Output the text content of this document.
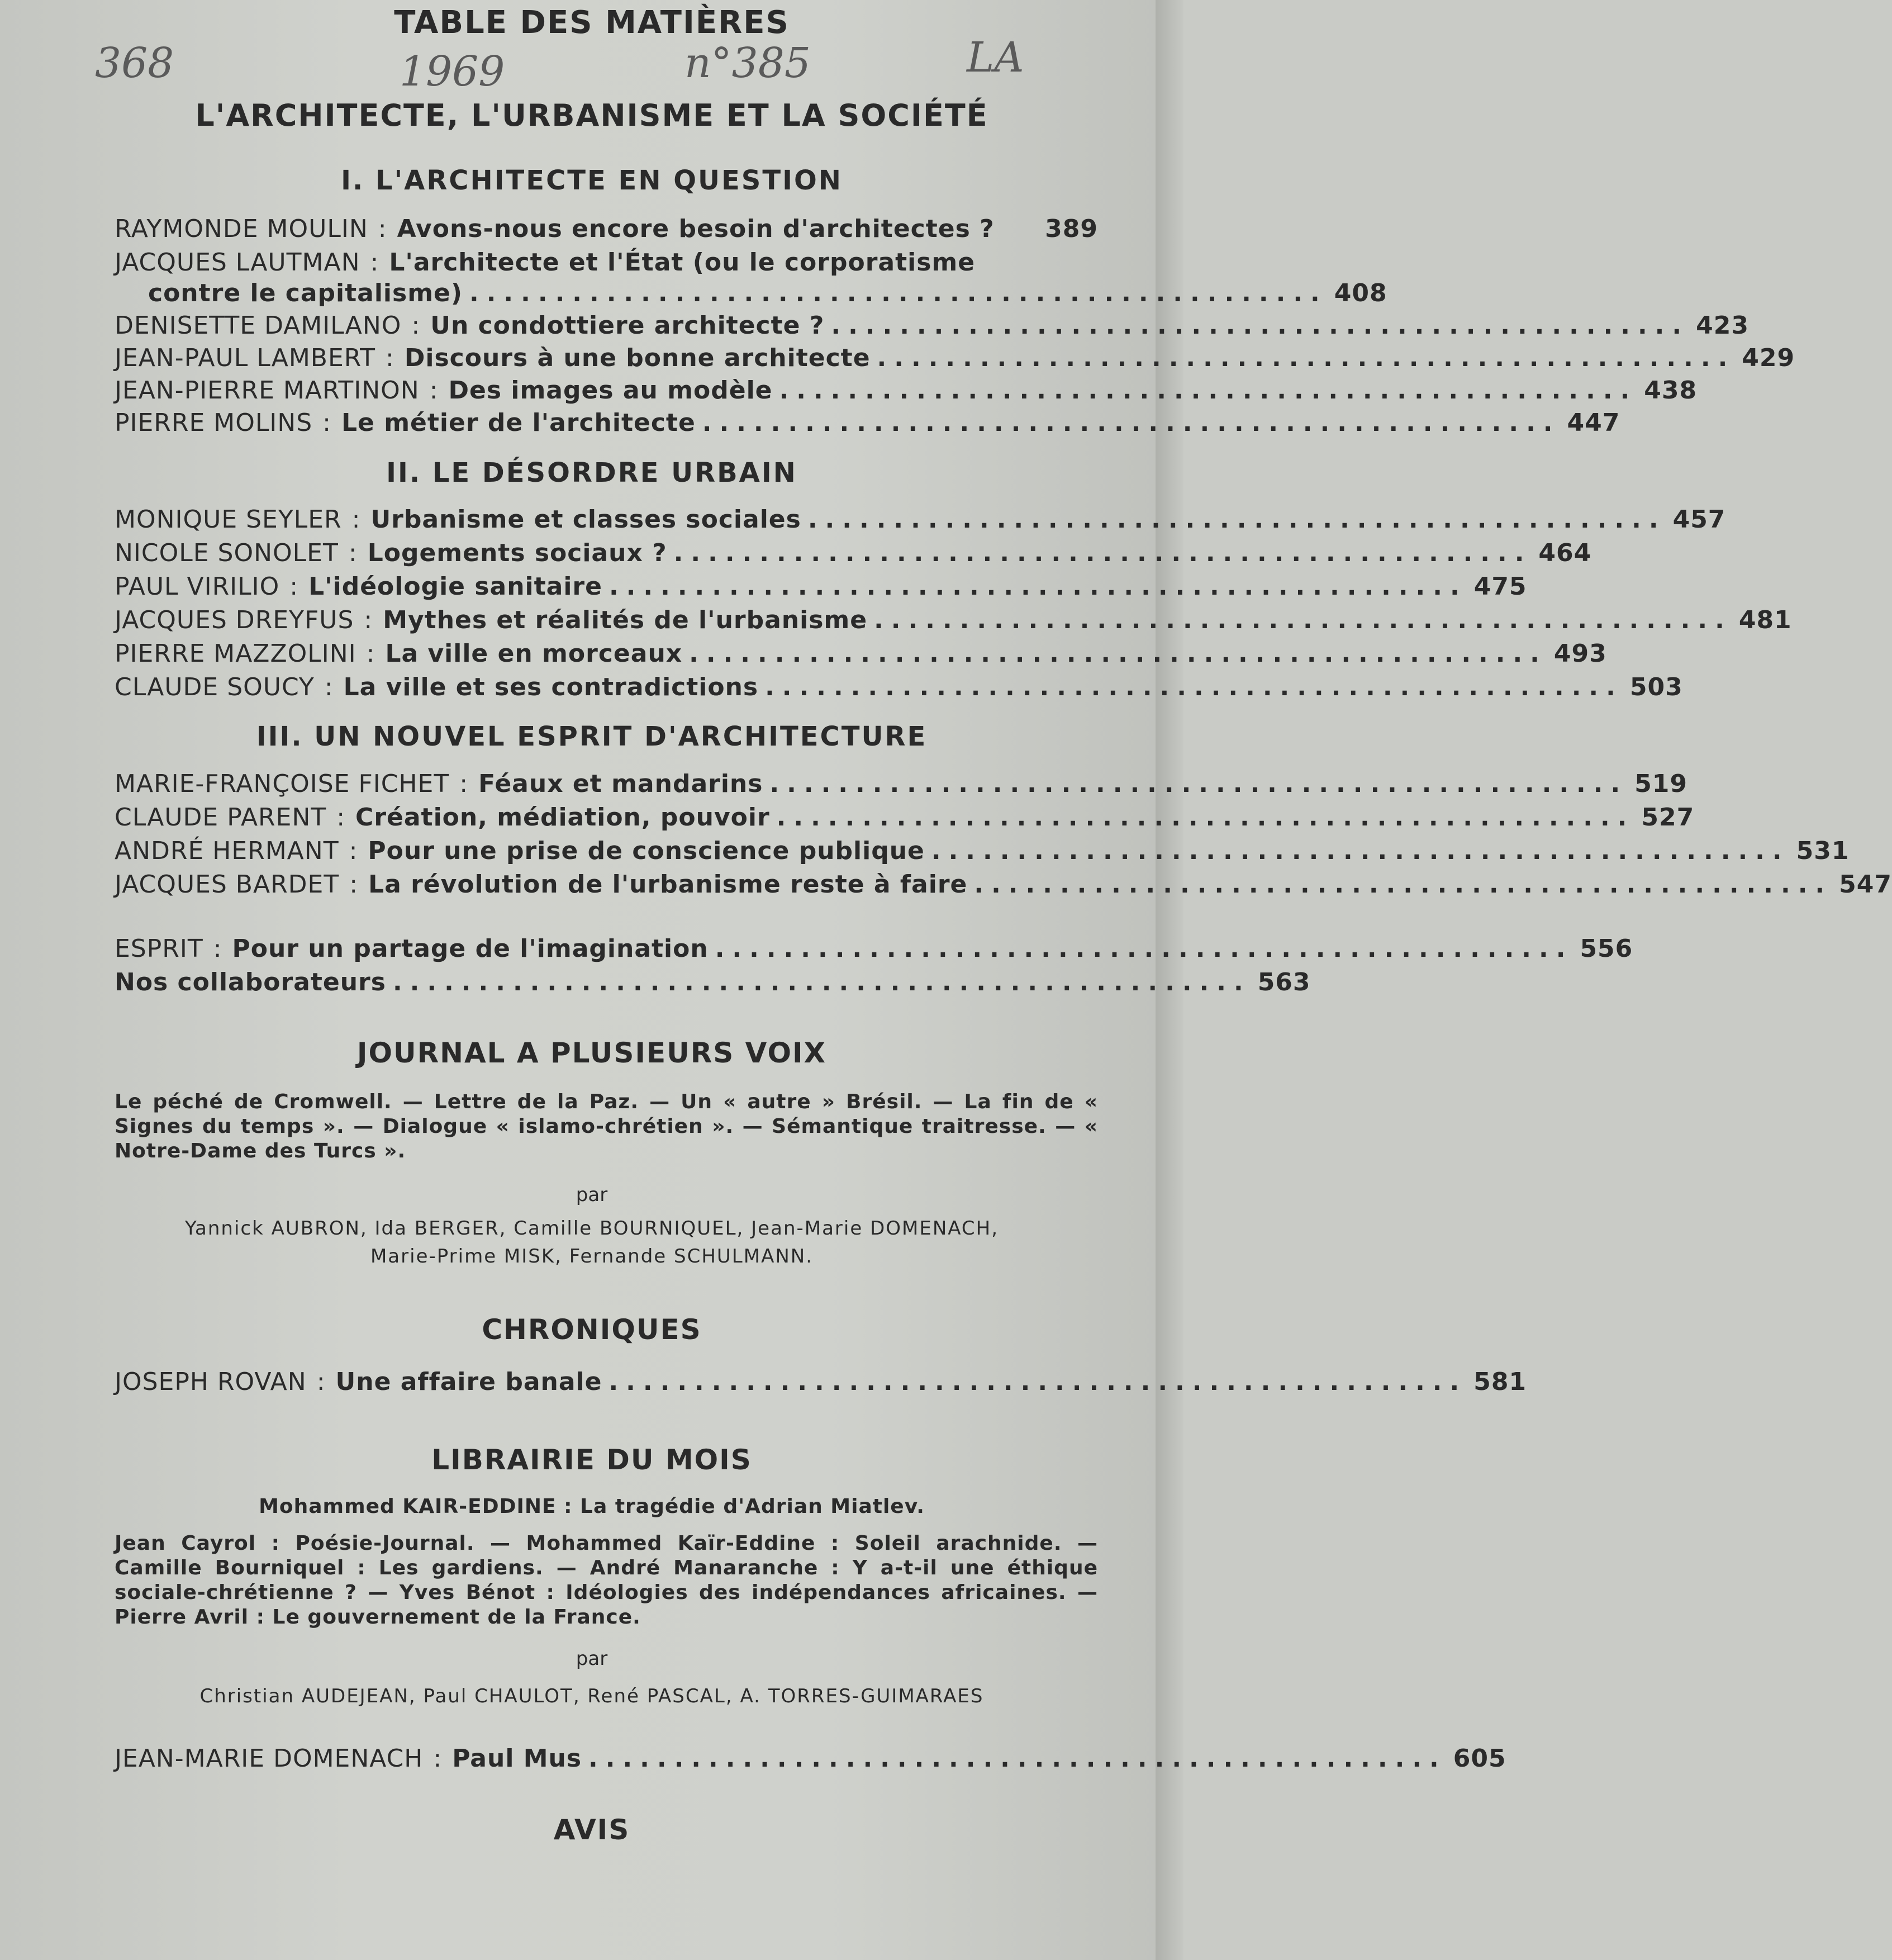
368	1969	n°385	LA
TABLE DES MATIÈRES
L'ARCHITECTE, L'URBANISME ET LA SOCIÉTÉ
I. L'ARCHITECTE EN QUESTION
RAYMONDE MOULIN : Avons-nous encore besoin d'architectes ? 389
JACQUES LAUTMAN : L'architecte et l'État (ou le corporatisme
contre le capitalisme) .................................................. 408
DENISETTE DAMILANO : Un condottiere architecte ? .................................................. 423
JEAN-PAUL LAMBERT : Discours à une bonne architecte .................................................. 429
JEAN-PIERRE MARTINON : Des images au modèle .................................................. 438
PIERRE MOLINS : Le métier de l'architecte .................................................. 447
II. LE DÉSORDRE URBAIN
MONIQUE SEYLER : Urbanisme et classes sociales .................................................. 457
NICOLE SONOLET : Logements sociaux ? .................................................. 464
PAUL VIRILIO : L'idéologie sanitaire .................................................. 475
JACQUES DREYFUS : Mythes et réalités de l'urbanisme .................................................. 481
PIERRE MAZZOLINI : La ville en morceaux .................................................. 493
CLAUDE SOUCY : La ville et ses contradictions .................................................. 503
III. UN NOUVEL ESPRIT D'ARCHITECTURE
MARIE-FRANÇOISE FICHET : Féaux et mandarins .................................................. 519
CLAUDE PARENT : Création, médiation, pouvoir .................................................. 527
ANDRÉ HERMANT : Pour une prise de conscience publique .................................................. 531
JACQUES BARDET : La révolution de l'urbanisme reste à faire .................................................. 547
ESPRIT : Pour un partage de l'imagination .................................................. 556
Nos collaborateurs .................................................. 563
JOURNAL A PLUSIEURS VOIX
Le péché de Cromwell. — Lettre de la Paz. — Un « autre » Brésil. — La fin de « Signes du temps ». — Dialogue « islamo-chrétien ». — Sémantique traitresse. — « Notre-Dame des Turcs ».
par
Yannick AUBRON, Ida BERGER, Camille BOURNIQUEL, Jean-Marie DOMENACH,
Marie-Prime MISK, Fernande SCHULMANN.
CHRONIQUES
JOSEPH ROVAN : Une affaire banale .................................................. 581
LIBRAIRIE DU MOIS
Mohammed KAIR-EDDINE : La tragédie d'Adrian Miatlev.
Jean Cayrol : Poésie-Journal. — Mohammed Kaïr-Eddine : Soleil arachnide. — Camille Bourniquel : Les gardiens. — André Manaranche : Y a-t-il une éthique sociale-chrétienne ? — Yves Bénot : Idéologies des indépendances africaines. — Pierre Avril : Le gouvernement de la France.
par
Christian AUDEJEAN, Paul CHAULOT, René PASCAL, A. TORRES-GUIMARAES
JEAN-MARIE DOMENACH : Paul Mus .................................................. 605
AVIS
